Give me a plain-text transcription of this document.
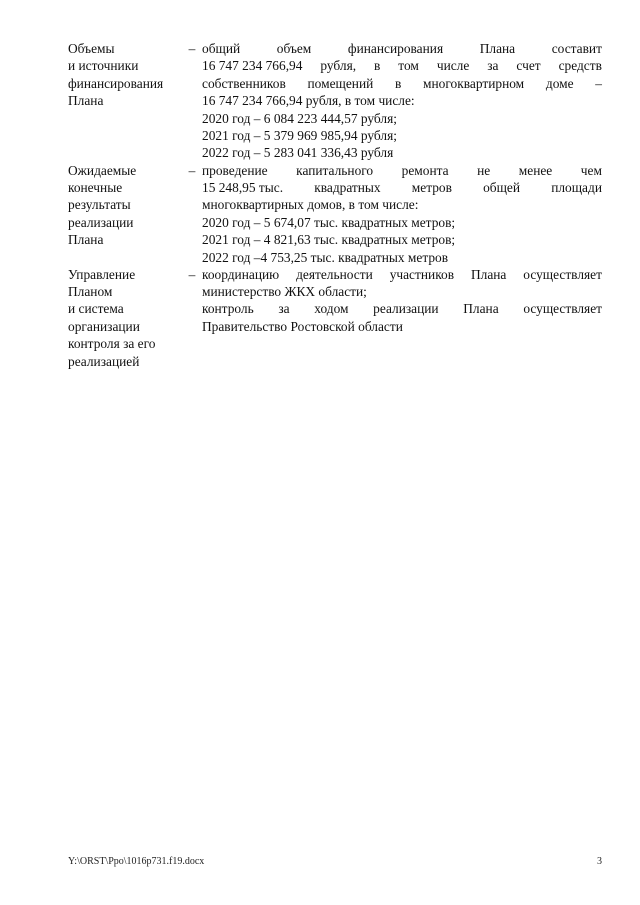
Объемы
и источники
финансирования
Плана
– общий	объем	финансирования	Плана	составит
16 747 234 766,94 рубля, в том числе за счет средств
собственников помещений в многоквартирном доме –
16 747 234 766,94 рубля, в том числе:
2020 год – 6 084 223 444,57 рубля;
2021 год – 5 379 969 985,94 рубля;
2022 год – 5 283 041 336,43 рубля
Ожидаемые
конечные
результаты
реализации
Плана
– проведение капитального ремонта не менее чем
15 248,95 тыс. квадратных метров общей площади
многоквартирных домов, в том числе:
2020 год – 5 674,07 тыс. квадратных метров;
2021 год – 4 821,63 тыс. квадратных метров;
2022 год –4 753,25 тыс. квадратных метров
Управление
Планом
и система
организации
контроля за его
реализацией
– координацию деятельности участников Плана осуществляет
министерство ЖКХ области;
контроль за ходом реализации Плана осуществляет
Правительство Ростовской области
Y:\ORST\Ppo\1016p731.f19.docx	3
